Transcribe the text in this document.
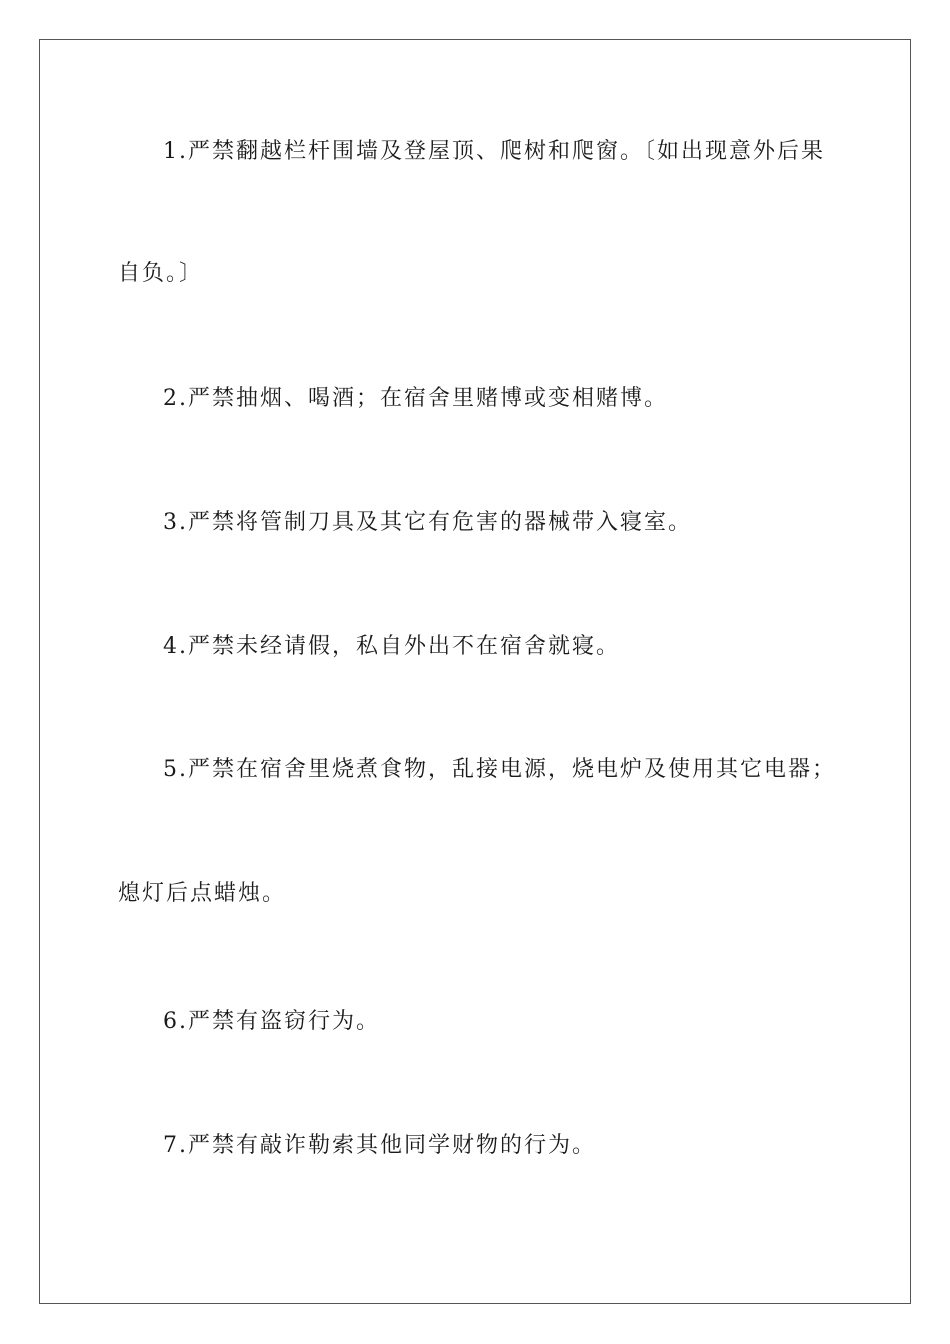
1.严禁翻越栏杆围墙及登屋顶、爬树和爬窗。〔如出现意外后果
自负。〕
2.严禁抽烟、喝酒；在宿舍里赌博或变相赌博。
3.严禁将管制刀具及其它有危害的器械带入寝室。
4.严禁未经请假，私自外出不在宿舍就寝。
5.严禁在宿舍里烧煮食物，乱接电源，烧电炉及使用其它电器；
熄灯后点蜡烛。
6.严禁有盗窃行为。
7.严禁有敲诈勒索其他同学财物的行为。
